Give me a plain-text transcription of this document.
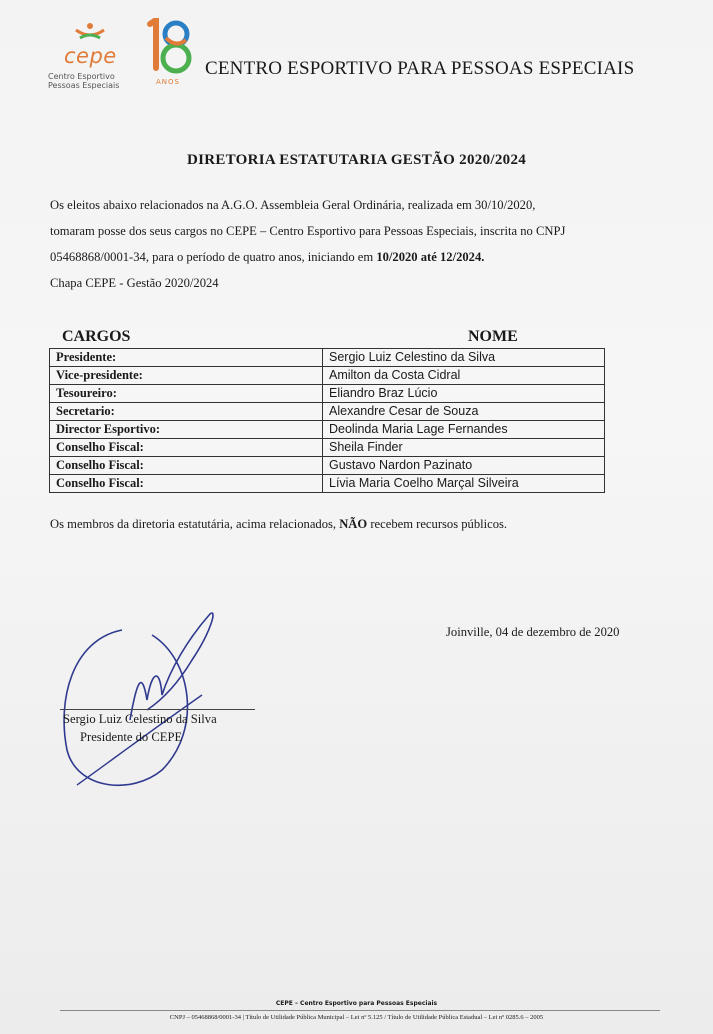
cepe
Centro Esportivo
Pessoas Especiais	ANOS
CENTRO ESPORTIVO PARA PESSOAS ESPECIAIS
DIRETORIA ESTATUTARIA GESTÃO 2020/2024
Os eleitos abaixo relacionados na A.G.O. Assembleia Geral Ordinária, realizada em 30/10/2020,
tomaram posse dos seus cargos no CEPE – Centro Esportivo para Pessoas Especiais, inscrita no CNPJ
05468868/0001-34, para o período de quatro anos, iniciando em 10/2020 até 12/2024.
Chapa CEPE - Gestão 2020/2024
CARGOS	NOME
Presidente:	Sergio Luiz Celestino da Silva
Vice-presidente:	Amilton da Costa Cidral
Tesoureiro:	Eliandro Braz Lúcio
Secretario:	Alexandre Cesar de Souza
Director Esportivo:	Deolinda Maria Lage Fernandes
Conselho Fiscal:	Sheila Finder
Conselho Fiscal:	Gustavo Nardon Pazinato
Conselho Fiscal:	Lívia Maria Coelho Marçal Silveira
Os membros da diretoria estatutária, acima relacionados, NÃO recebem recursos públicos.
Joinville, 04 de dezembro de 2020
Sergio Luiz Celestino da Silva
Presidente do CEPE
CEPE – Centro Esportivo para Pessoas Especiais
CNPJ – 05468868/0001-34 | Título de Utilidade Pública Municipal – Lei nº 5.125 / Título de Utilidade Pública Estadual – Lei nº 0285.6 – 2005
